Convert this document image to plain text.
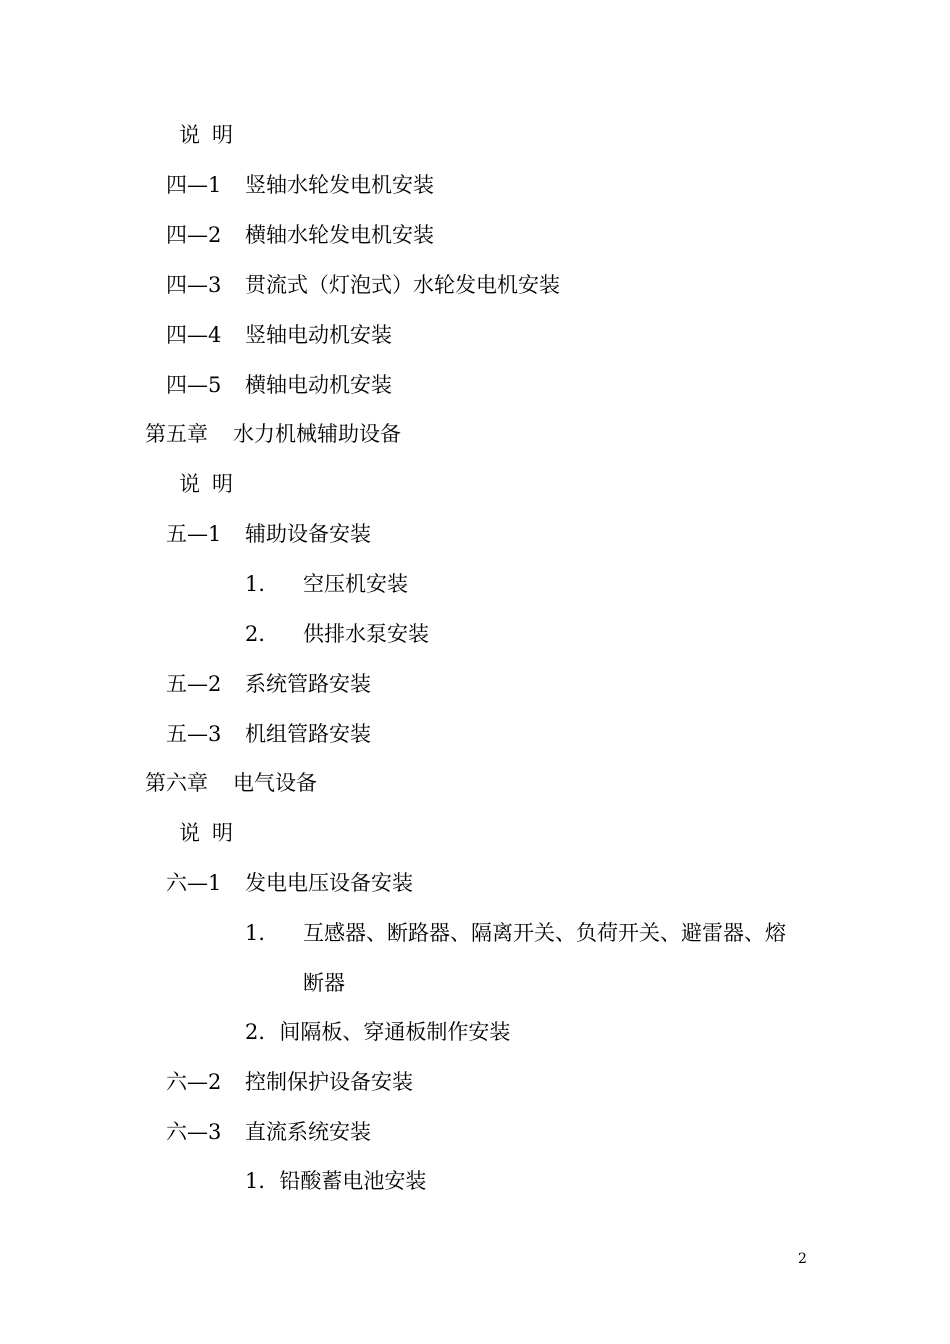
说 明
四—1 竖轴水轮发电机安装
四—2 横轴水轮发电机安装
四—3 贯流式（灯泡式）水轮发电机安装
四—4 竖轴电动机安装
四—5 横轴电动机安装
第五章 水力机械辅助设备
说 明
五—1 辅助设备安装
1． 空压机安装
2． 供排水泵安装
五—2 系统管路安装
五—3 机组管路安装
第六章 电气设备
说 明
六—1 发电电压设备安装
1． 互感器、断路器、隔离开关、负荷开关、避雷器、熔
断器
2．间隔板、穿通板制作安装
六—2 控制保护设备安装
六—3 直流系统安装
1．铅酸蓄电池安装
2
